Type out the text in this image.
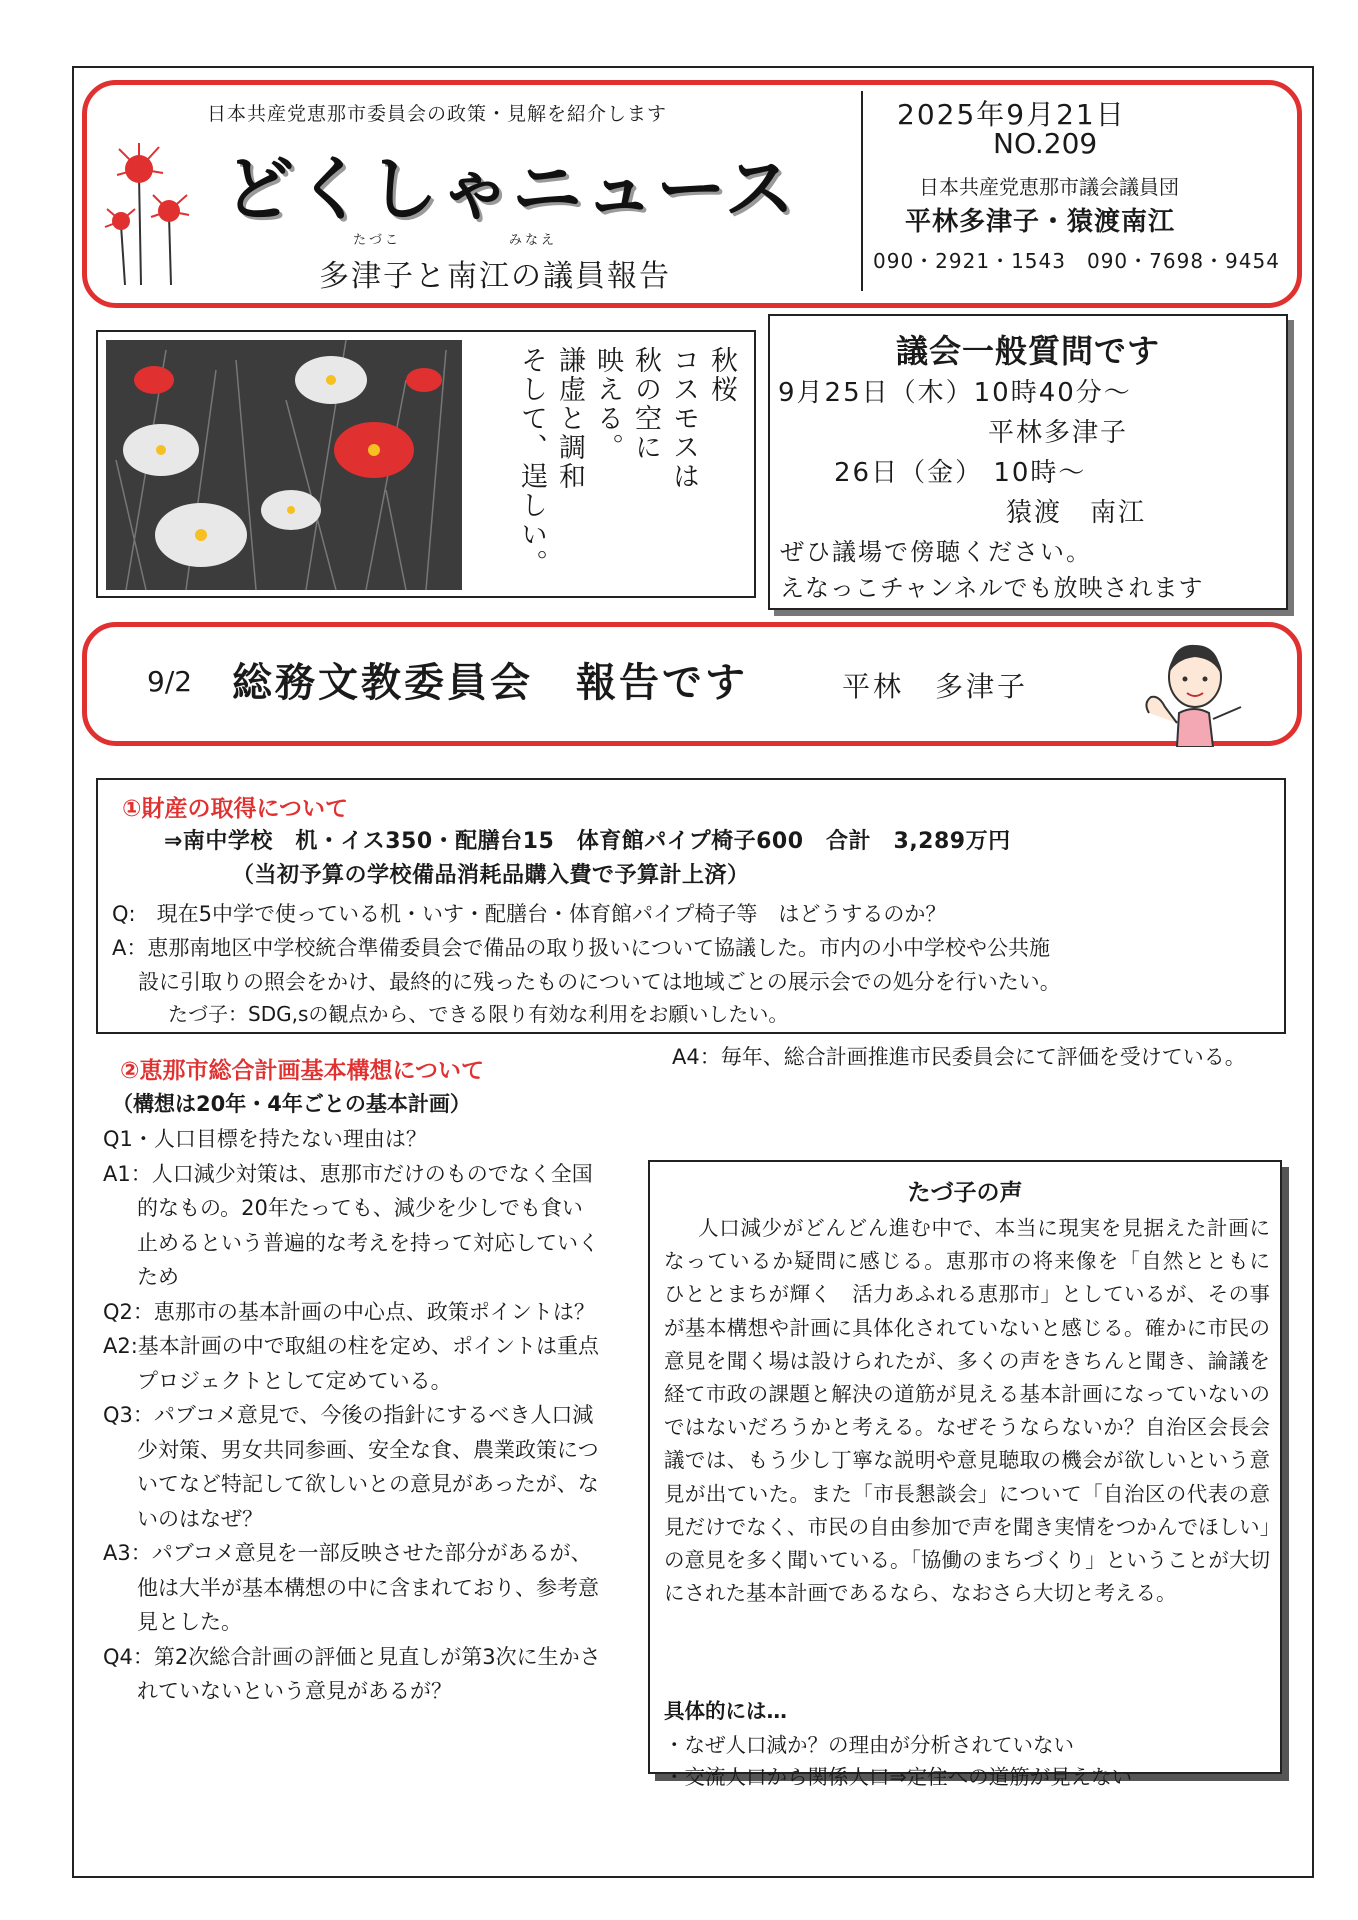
日本共産党恵那市委員会の政策・見解を紹介します
どくしゃニュース
たづこ	みなえ
多津子と南江の議員報告
2025年9月21日
NO.209
日本共産党恵那市議会議員団
平林多津子・猿渡南江
090・2921・1543　090・7698・9454
秋桜
コスモスは
秋の空に
映える。
謙虚と調和
そして、逞しい。	議会一般質問です
9月25日（木）10時40分～
平林多津子
26日（金） 10時～
猿渡　南江
ぜひ議場で傍聴ください。
えなっこチャンネルでも放映されます
9/2 総務文教委員会　報告です	平林　多津子
①財産の取得について
⇒南中学校　机・イス350・配膳台15　体育館パイプ椅子600　合計　3,289万円
（当初予算の学校備品消耗品購入費で予算計上済）
Q:　現在5中学で使っている机・いす・配膳台・体育館パイプ椅子等　はどうするのか？
A：恵那南地区中学校統合準備委員会で備品の取り扱いについて協議した。市内の小中学校や公共施
設に引取りの照会をかけ、最終的に残ったものについては地域ごとの展示会での処分を行いたい。
たづ子：SDG,sの観点から、できる限り有効な利用をお願いしたい。
②恵那市総合計画基本構想について
（構想は20年・4年ごとの基本計画）
Q1・人口目標を持たない理由は？
A1：人口減少対策は、恵那市だけのものでなく全国的なもの。20年たっても、減少を少しでも食い止めるという普遍的な考えを持って対応していくため
Q2：恵那市の基本計画の中心点、政策ポイントは？
A2:基本計画の中で取組の柱を定め、ポイントは重点プロジェクトとして定めている。
Q3：パブコメ意見で、今後の指針にするべき人口減少対策、男女共同参画、安全な食、農業政策についてなど特記して欲しいとの意見があったが、ないのはなぜ？
A3：パブコメ意見を一部反映させた部分があるが、他は大半が基本構想の中に含まれており、参考意見とした。
Q4：第2次総合計画の評価と見直しが第3次に生かされていないという意見があるが？
A4：毎年、総合計画推進市民委員会にて評価を受けている。
たづ子の声
人口減少がどんどん進む中で、本当に現実を見据えた計画になっているか疑問に感じる。恵那市の将来像を「自然とともに　ひととまちが輝く　活力あふれる恵那市」としているが、その事が基本構想や計画に具体化されていないと感じる。確かに市民の意見を聞く場は設けられたが、多くの声をきちんと聞き、論議を経て市政の課題と解決の道筋が見える基本計画になっていないのではないだろうかと考える。なぜそうならないか？自治区会長会議では、もう少し丁寧な説明や意見聴取の機会が欲しいという意見が出ていた。また「市長懇談会」について「自治区の代表の意見だけでなく、市民の自由参加で声を聞き実情をつかんでほしい」の意見を多く聞いている。「協働のまちづくり」ということが大切にされた基本計画であるなら、なおさら大切と考える。
具体的には…
・なぜ人口減か？の理由が分析されていない
・交流人口から関係人口⇒定住への道筋が見えない
